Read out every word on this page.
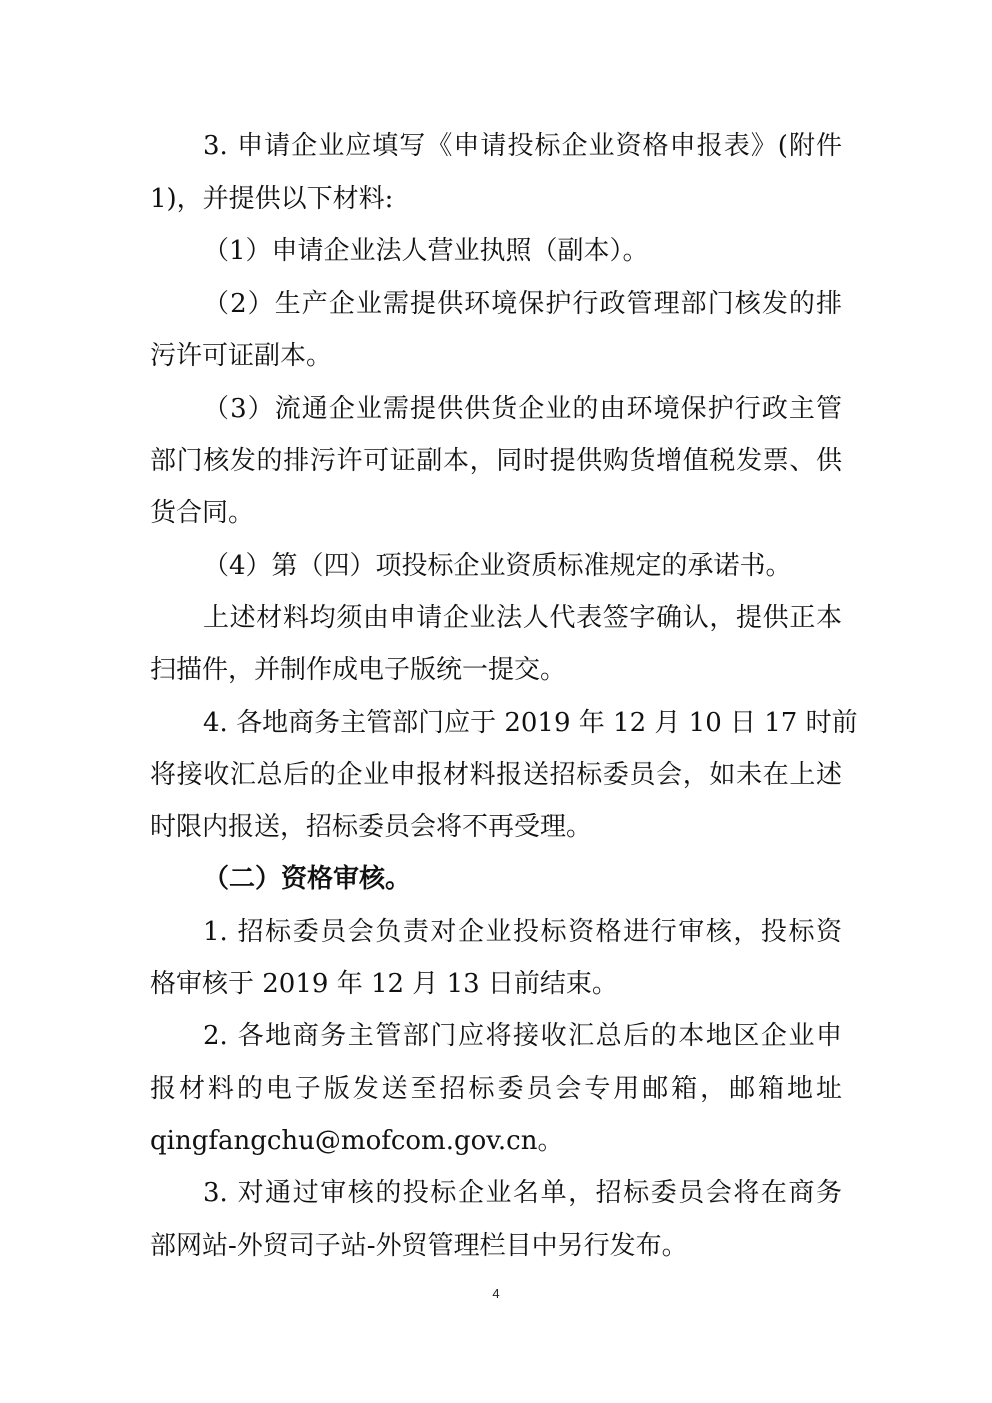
3. 申请企业应填写《申请投标企业资格申报表》(附件
1)，并提供以下材料:
（1）申请企业法人营业执照（副本）。
（2）生产企业需提供环境保护行政管理部门核发的排
污许可证副本。
（3）流通企业需提供供货企业的由环境保护行政主管
部门核发的排污许可证副本，同时提供购货增值税发票、供
货合同。
（4）第（四）项投标企业资质标准规定的承诺书。
上述材料均须由申请企业法人代表签字确认，提供正本
扫描件，并制作成电子版统一提交。
4. 各地商务主管部门应于 2019 年 12 月 10 日 17 时前
将接收汇总后的企业申报材料报送招标委员会，如未在上述
时限内报送，招标委员会将不再受理。
（二）资格审核。
1. 招标委员会负责对企业投标资格进行审核，投标资
格审核于 2019 年 12 月 13 日前结束。
2. 各地商务主管部门应将接收汇总后的本地区企业申
报材料的电子版发送至招标委员会专用邮箱，邮箱地址
qingfangchu@mofcom.gov.cn。
3. 对通过审核的投标企业名单，招标委员会将在商务
部网站-外贸司子站-外贸管理栏目中另行发布。
4
